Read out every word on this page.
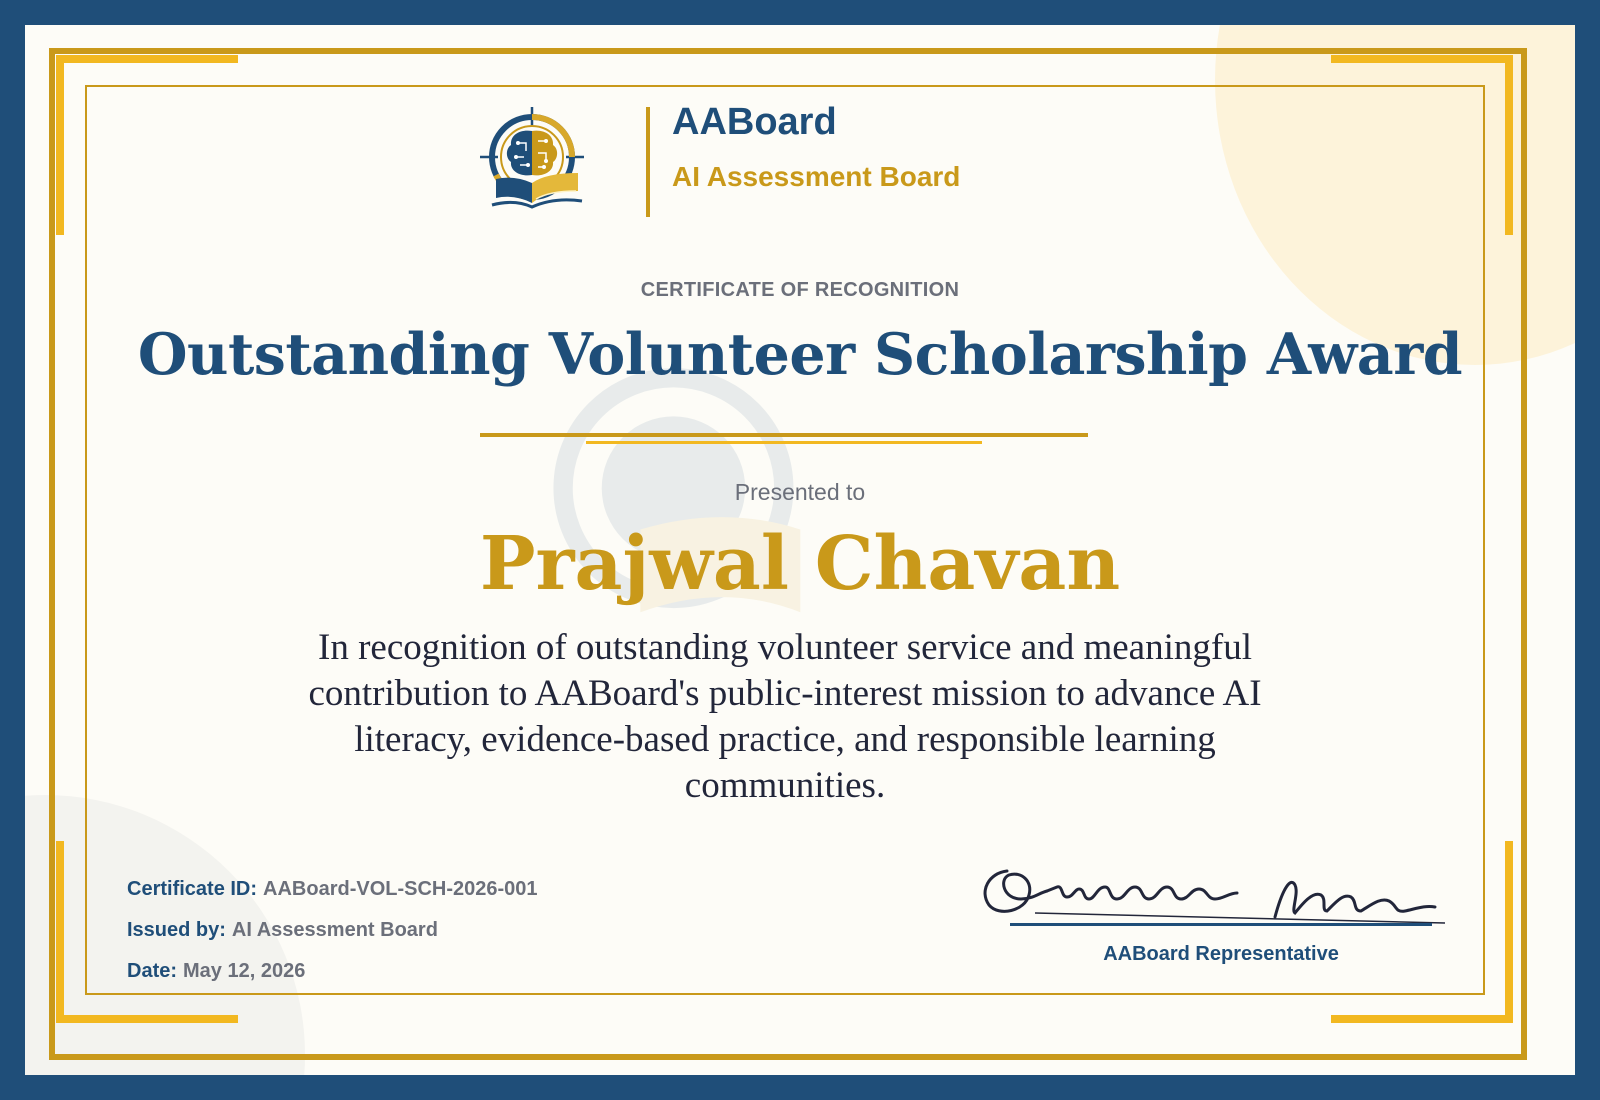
AABoard
AI Assessment Board
CERTIFICATE OF RECOGNITION
Outstanding Volunteer Scholarship Award
Presented to
Prajwal Chavan
In recognition of outstanding volunteer service and meaningful contribution to AABoard's public-interest mission to advance AI literacy, evidence-based practice, and responsible learning communities.
Certificate ID: AABoard-VOL-SCH-2026-001
Issued by: AI Assessment Board
Date: May 12, 2026
AABoard Representative
